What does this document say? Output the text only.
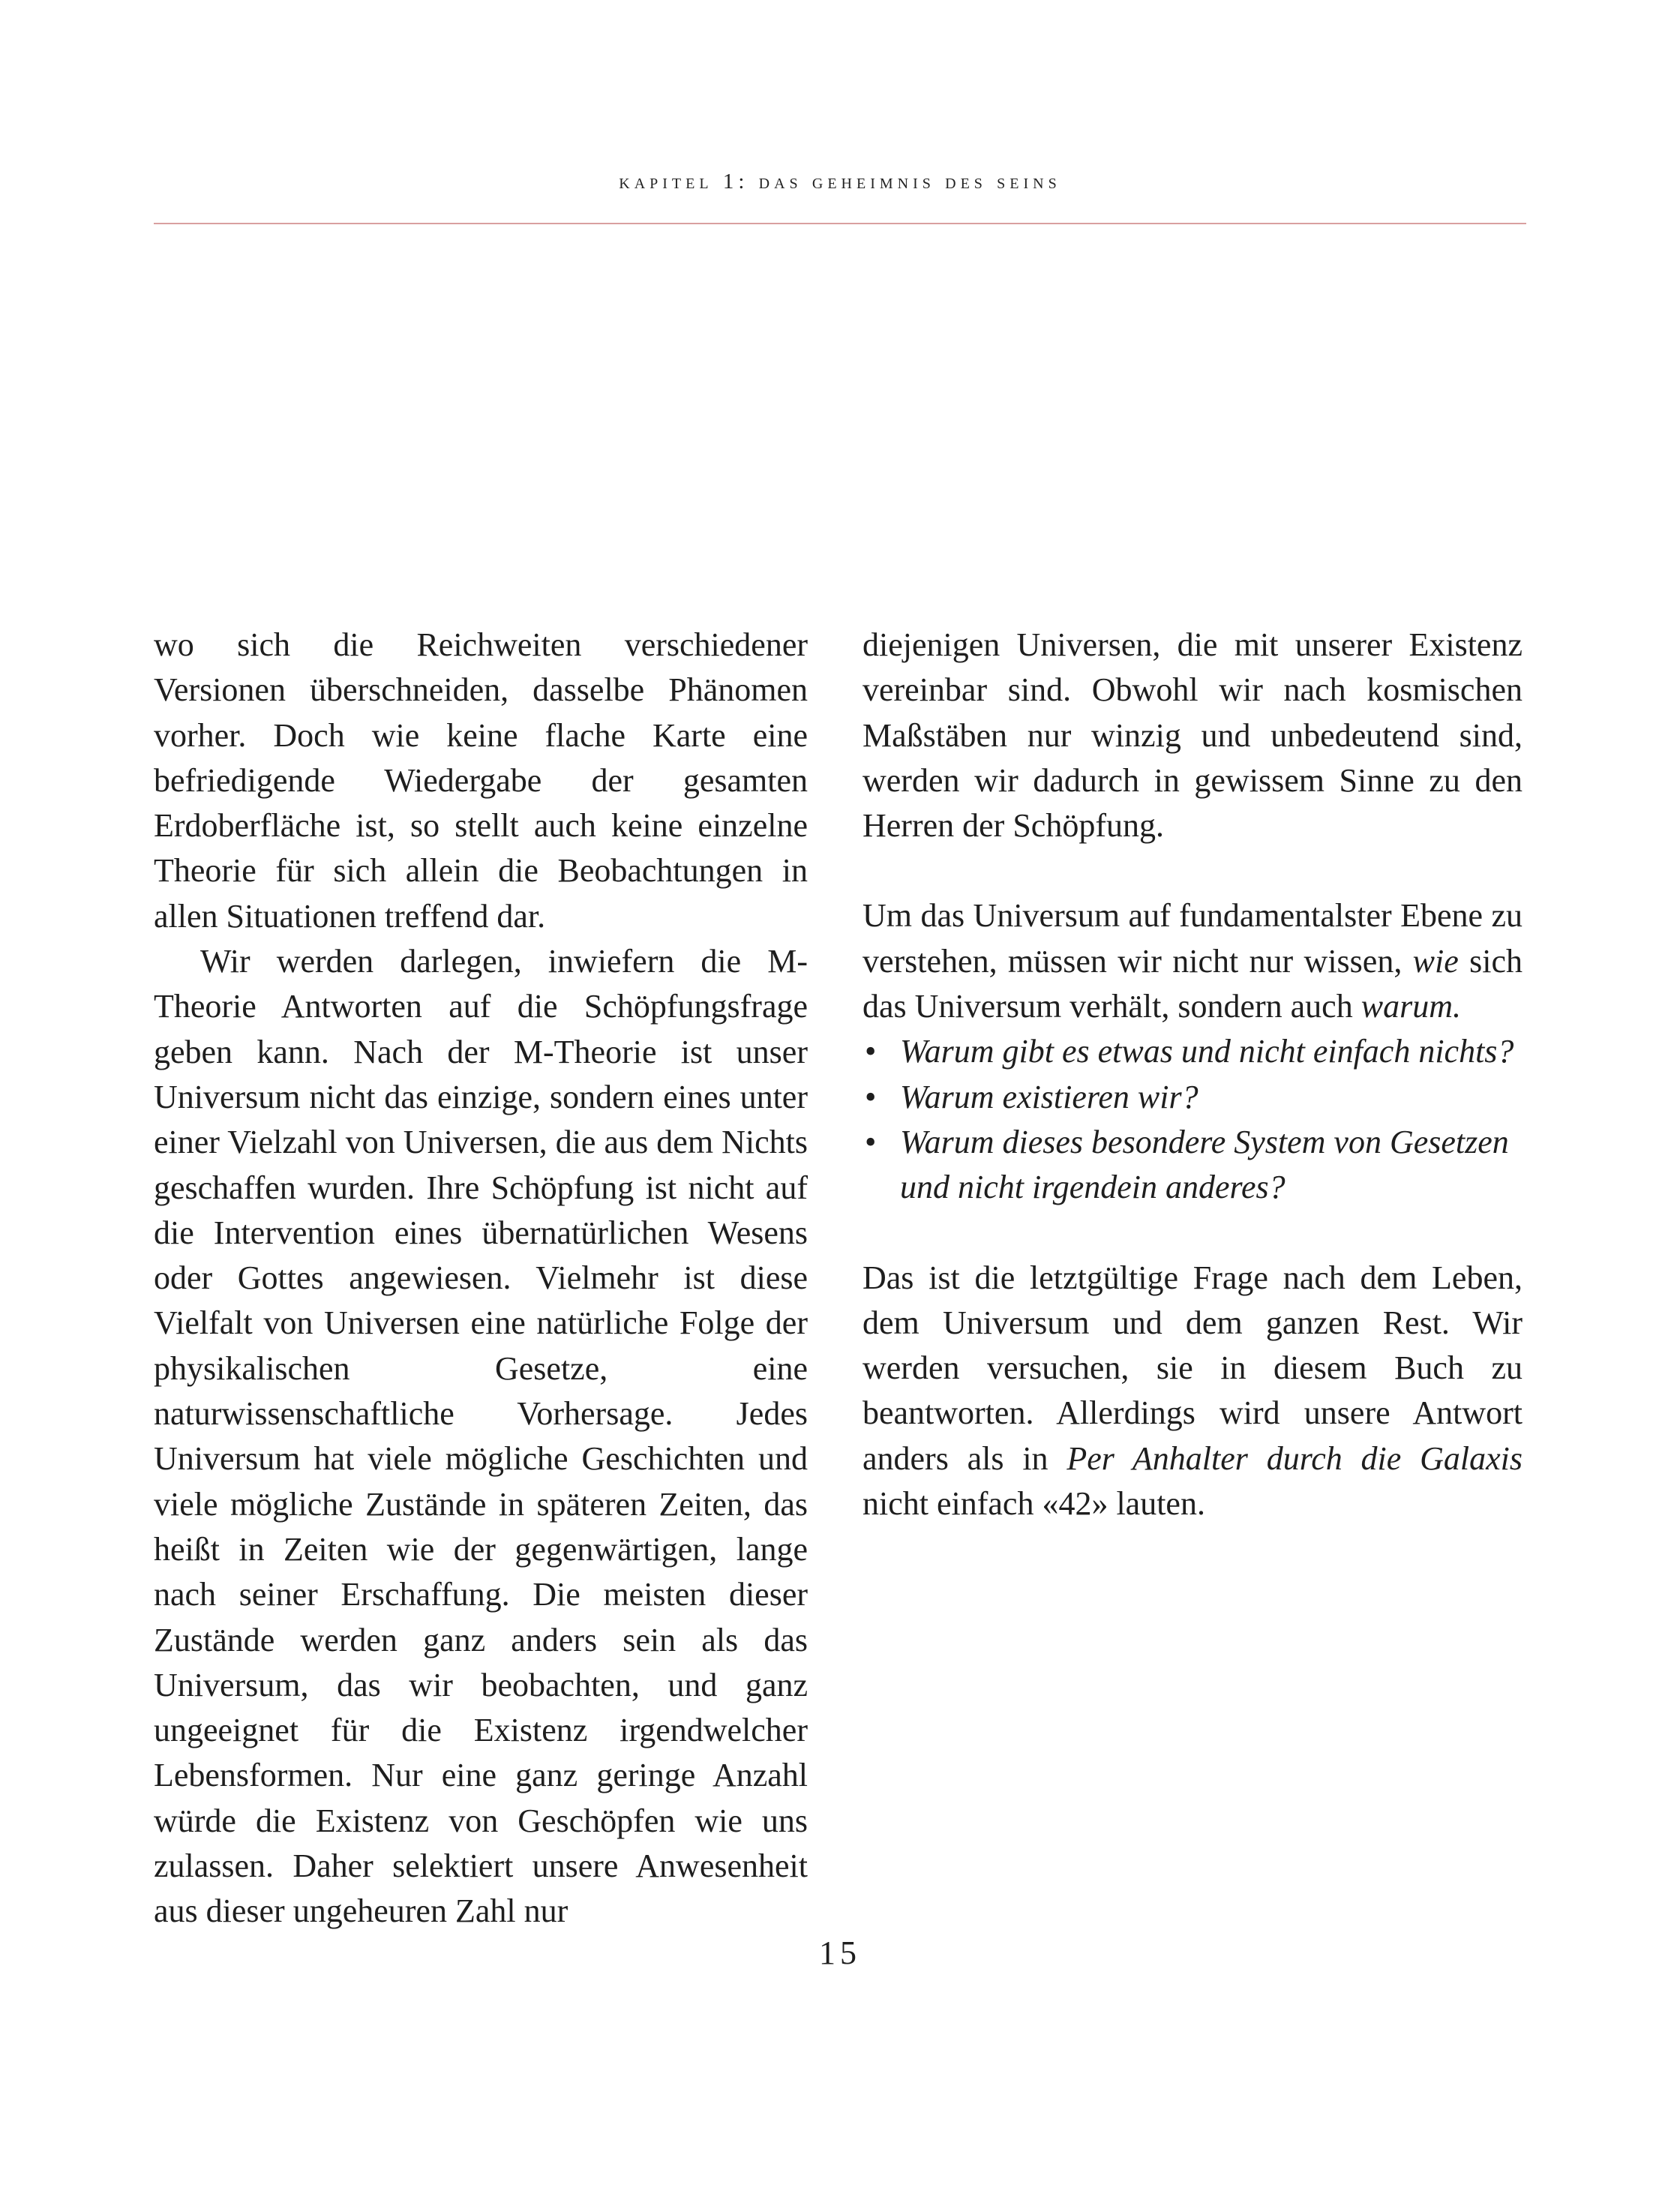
kapitel 1: das geheimnis des seins

wo sich die Reichweiten verschiedener Versionen überschneiden, dasselbe Phänomen vorher. Doch wie keine flache Karte eine befriedigende Wiedergabe der gesamten Erdoberfläche ist, so stellt auch keine einzelne Theorie für sich allein die Beobachtungen in allen Situationen treffend dar.

Wir werden darlegen, inwiefern die M-Theorie Antworten auf die Schöpfungsfrage geben kann. Nach der M-Theorie ist unser Universum nicht das einzige, sondern eines unter einer Vielzahl von Universen, die aus dem Nichts geschaffen wurden. Ihre Schöpfung ist nicht auf die Intervention eines übernatürlichen Wesens oder Gottes angewiesen. Vielmehr ist diese Vielfalt von Universen eine natürliche Folge der physikalischen Gesetze, eine naturwissenschaftliche Vorhersage. Jedes Universum hat viele mögliche Geschichten und viele mögliche Zustände in späteren Zeiten, das heißt in Zeiten wie der gegenwärtigen, lange nach seiner Erschaffung. Die meisten dieser Zustände werden ganz anders sein als das Universum, das wir beobachten, und ganz ungeeignet für die Existenz irgendwelcher Lebensformen. Nur eine ganz geringe Anzahl würde die Existenz von Geschöpfen wie uns zulassen. Daher selektiert unsere Anwesenheit aus dieser ungeheuren Zahl nur

diejenigen Universen, die mit unserer Existenz vereinbar sind. Obwohl wir nach kosmischen Maßstäben nur winzig und unbedeutend sind, werden wir dadurch in gewissem Sinne zu den Herren der Schöpfung.

Um das Universum auf fundamentalster Ebene zu verstehen, müssen wir nicht nur wissen, wie sich das Universum verhält, sondern auch warum.

• Warum gibt es etwas und nicht einfach nichts?
• Warum existieren wir?
• Warum dieses besondere System von Gesetzen und nicht irgendein anderes?

Das ist die letztgültige Frage nach dem Leben, dem Universum und dem ganzen Rest. Wir werden versuchen, sie in diesem Buch zu beantworten. Allerdings wird unsere Antwort anders als in Per Anhalter durch die Galaxis nicht einfach «42» lauten.

15
